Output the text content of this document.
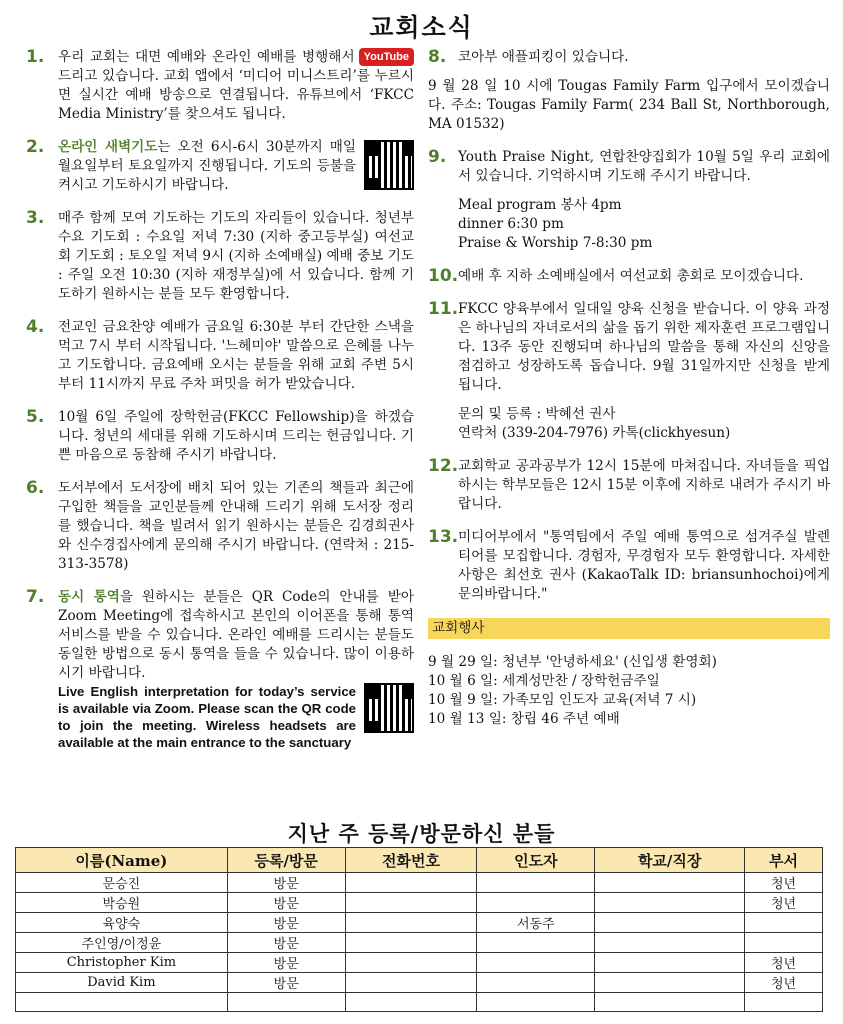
교회소식
1.	YouTube
우리 교회는 대면 예배와 온라인 예배를 병행해서 드리고 있습니다. 교회 앱에서 ‘미디어 미니스트리’를 누르시면 실시간 예배 방송으로 연결됩니다. 유튜브에서 ‘FKCC Media Ministry’를 찾으셔도 됩니다.
2.	온라인 새벽기도는 오전 6시-6시 30분까지 매일 월요일부터 토요일까지 진행됩니다. 기도의 등불을 켜시고 기도하시기 바랍니다.
3.	매주 함께 모여 기도하는 기도의 자리들이 있습니다. 청년부 수요 기도회 : 수요일 저녁 7:30 (지하 중고등부실) 여선교회 기도회 : 토오일 저녁 9시 (지하 소예배실) 예배 중보 기도 : 주일 오전 10:30 (지하 재정부실)에 서 있습니다. 함께 기도하기 원하시는 분들 모두 환영합니다.
4.	전교인 금요찬양 예배가 금요일 6:30분 부터 간단한 스낵을 먹고 7시 부터 시작됩니다. '느헤미야' 말씀으로 은혜를 나누고 기도합니다. 금요예배 오시는 분들을 위해 교회 주변 5시부터 11시까지 무료 주차 퍼밋을 허가 받았습니다.
5.	10월 6일 주일에 장학헌금(FKCC Fellowship)을 하겠습니다. 청년의 세대를 위해 기도하시며 드리는 헌금입니다. 기쁜 마음으로 동참해 주시기 바랍니다.
6.	도서부에서 도서장에 배치 되어 있는 기존의 책들과 최근에 구입한 책들을 교인분들께 안내해 드리기 위해 도서장 정리를 했습니다. 책을 빌려서 읽기 원하시는 분들은 김경희권사와 신수경집사에게 문의해 주시기 바랍니다. (연락처 : 215-313-3578)
7.	동시 통역을 원하시는 분들은 QR Code의 안내를 받아 Zoom Meeting에 접속하시고 본인의 이어폰을 통해 통역 서비스를 받을 수 있습니다. 온라인 예배를 드리시는 분들도 동일한 방법으로 동시 통역을 들을 수 있습니다. 많이 이용하시기 바랍니다.
Live English interpretation for today’s service is available via Zoom. Please scan the QR code to join the meeting. Wireless headsets are available at the main entrance to the sanctuary
8. 코아부 애플피킹이 있습니다.
9 월 28 일 10 시에 Tougas Family Farm 입구에서 모이겠습니다. 주소: Tougas Family Farm( 234 Ball St, Northborough, MA 01532)
9. Youth Praise Night, 연합찬양집회가 10월 5일 우리 교회에서 있습니다. 기억하시며 기도해 주시기 바랍니다.
Meal program 봉사 4pm
dinner 6:30 pm
Praise & Worship 7-8:30 pm
10. 예배 후 지하 소예배실에서 여선교회 총회로 모이겠습니다.
11. FKCC 양육부에서 일대일 양육 신청을 받습니다. 이 양육 과정은 하나님의 자녀로서의 삶을 돕기 위한 제자훈련 프로그램입니다. 13주 동안 진행되며 하나님의 말씀을 통해 자신의 신앙을 점검하고 성장하도록 돕습니다. 9월 31일까지만 신청을 받게 됩니다.
문의 및 등록 : 박혜선 권사
연락처 (339-204-7976) 카톡(clickhyesun)
12. 교회학교 공과공부가 12시 15분에 마쳐집니다. 자녀들을 픽업하시는 학부모들은 12시 15분 이후에 지하로 내려가 주시기 바랍니다.
13. 미디어부에서 "통역팀에서 주일 예배 통역으로 섬겨주실 발렌티어를 모집합니다. 경험자, 무경험자 모두 환영합니다. 자세한 사항은 최선호 권사 (KakaoTalk ID: briansunhochoi)에게 문의바랍니다."
교회행사
9 월 29 일: 청년부 '안녕하세요' (신입생 환영회)
10 월 6 일: 세계성만찬 / 장학헌금주일
10 월 9 일: 가족모임 인도자 교육(저녁 7 시)
10 월 13 일: 창립 46 주년 예배
지난 주 등록/방문하신 분들
이름(Name)	등록/방문	전화번호	인도자	학교/직장	부서
문승진	방문				청년
박승원	방문				청년
육양숙	방문		서동주		
주인영/이정윤	방문				
Christopher Kim	방문				청년
David Kim	방문				청년
